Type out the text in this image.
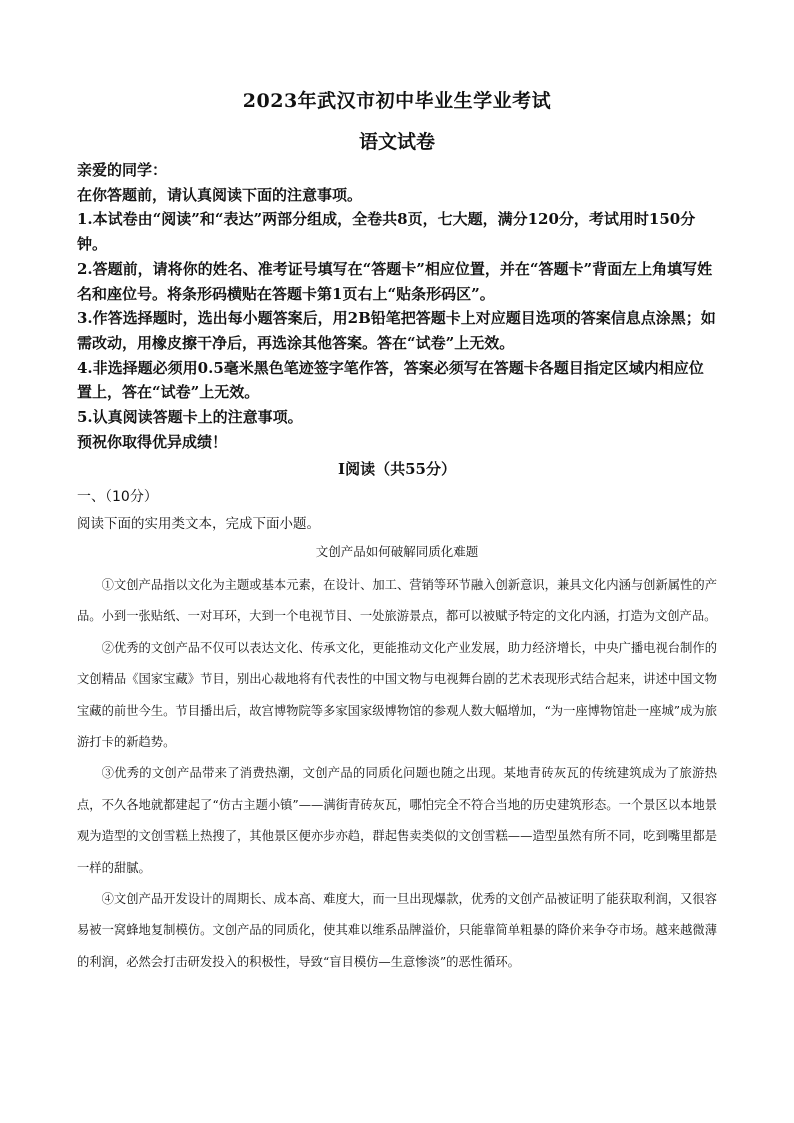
2023年武汉市初中毕业生学业考试
语文试卷

亲爱的同学：

在你答题前，请认真阅读下面的注意事项。

1.本试卷由“阅读”和“表达”两部分组成，全卷共8页，七大题，满分120分，考试用时150分钟。

2.答题前，请将你的姓名、准考证号填写在“答题卡”相应位置，并在“答题卡”背面左上角填写姓名和座位号。将条形码横贴在答题卡第1页右上“贴条形码区”。

3.作答选择题时，选出每小题答案后，用2B铅笔把答题卡上对应题目选项的答案信息点涂黑；如需改动，用橡皮擦干净后，再选涂其他答案。答在“试卷”上无效。

4.非选择题必须用0.5毫米黑色笔迹签字笔作答，答案必须写在答题卡各题目指定区域内相应位置上，答在“试卷”上无效。

5.认真阅读答题卡上的注意事项。

预祝你取得优异成绩！

Ⅰ阅读（共55分）
一、（10分）
阅读下面的实用类文本，完成下面小题。
文创产品如何破解同质化难题

①文创产品指以文化为主题或基本元素，在设计、加工、营销等环节融入创新意识，兼具文化内涵与创新属性的产品。小到一张贴纸、一对耳环，大到一个电视节目、一处旅游景点，都可以被赋予特定的文化内涵，打造为文创产品。

②优秀的文创产品不仅可以表达文化、传承文化，更能推动文化产业发展，助力经济增长，中央广播电视台制作的文创精品《国家宝藏》节目，别出心裁地将有代表性的中国文物与电视舞台剧的艺术表现形式结合起来，讲述中国文物宝藏的前世今生。节目播出后，故宫博物院等多家国家级博物馆的参观人数大幅增加，“为一座博物馆赴一座城”成为旅游打卡的新趋势。

③优秀的文创产品带来了消费热潮，文创产品的同质化问题也随之出现。某地青砖灰瓦的传统建筑成为了旅游热点，不久各地就都建起了“仿古主题小镇”——满街青砖灰瓦，哪怕完全不符合当地的历史建筑形态。一个景区以本地景观为造型的文创雪糕上热搜了，其他景区便亦步亦趋，群起售卖类似的文创雪糕——造型虽然有所不同，吃到嘴里都是一样的甜腻。

④文创产品开发设计的周期长、成本高、难度大，而一旦出现爆款，优秀的文创产品被证明了能获取利润，又很容易被一窝蜂地复制模仿。文创产品的同质化，使其难以维系品牌溢价，只能靠简单粗暴的降价来争夺市场。越来越微薄的利润，必然会打击研发投入的积极性，导致“盲目模仿—生意惨淡”的恶性循环。
